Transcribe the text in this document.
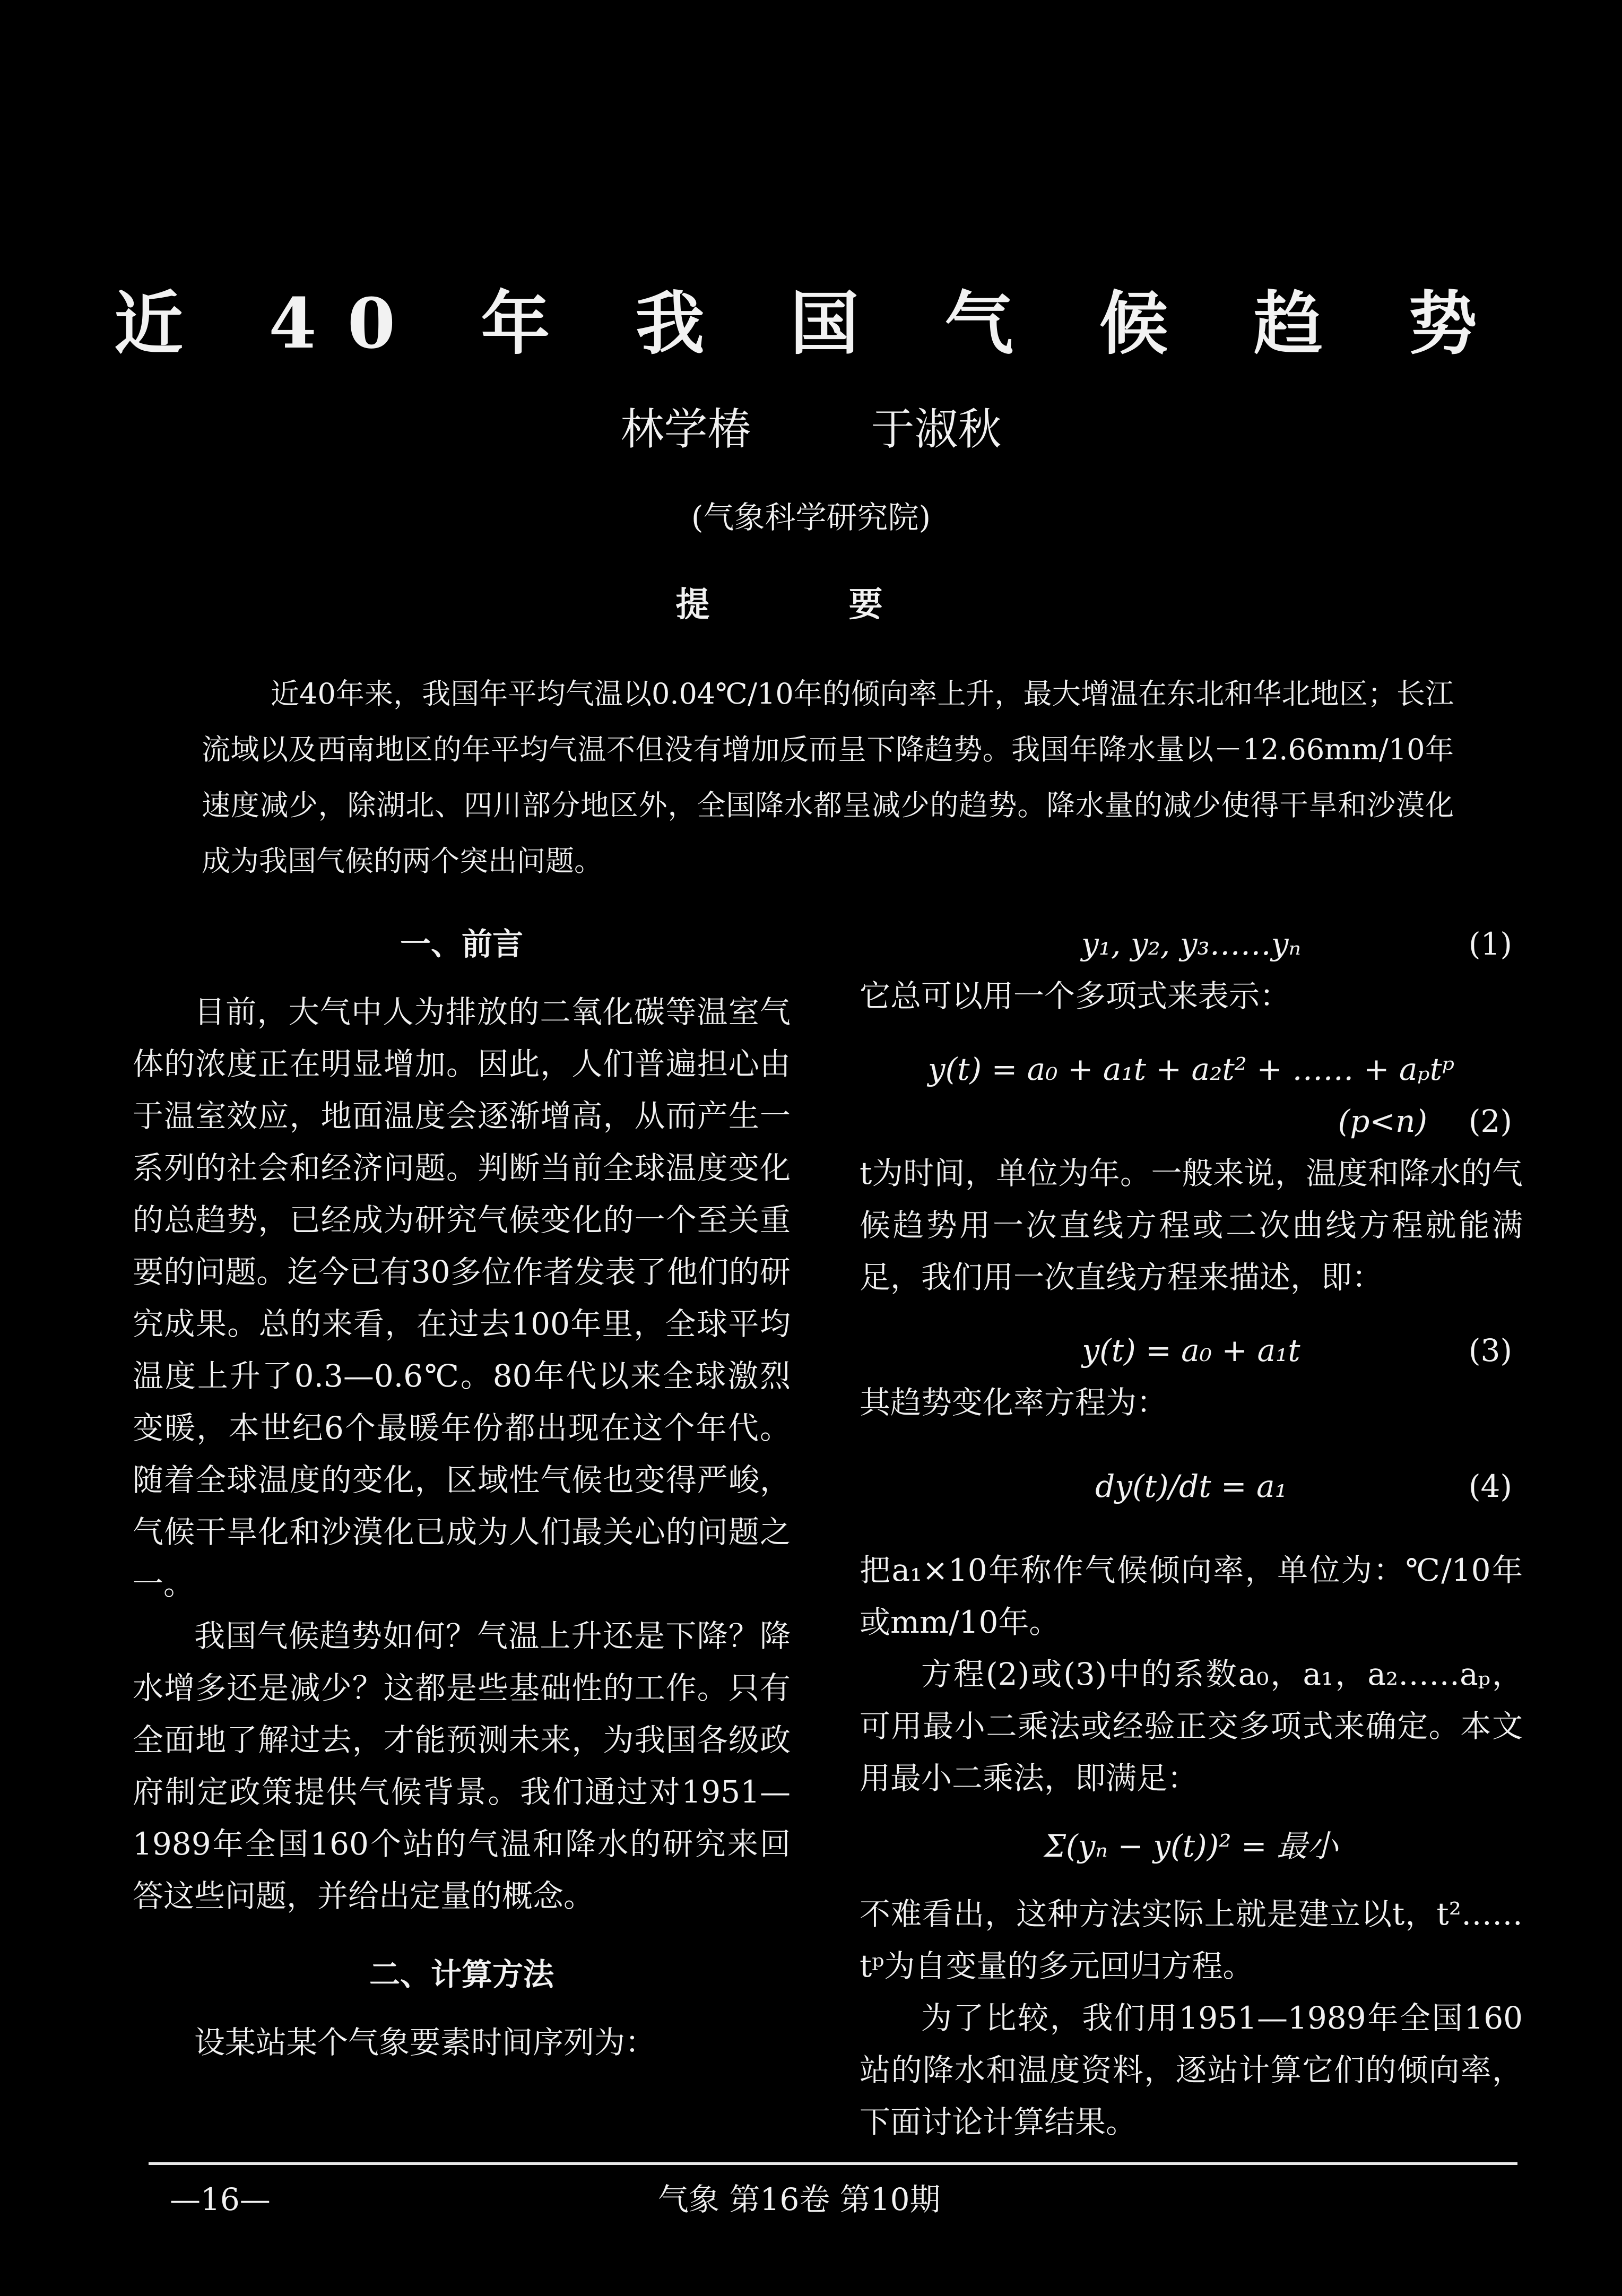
近 40 年 我 国 气 候 趋 势
林学椿	于淑秋
(气象科学研究院)
提 要

近40年来，我国年平均气温以0.04℃/10年的倾向率上升，最大增温在东北和华北地区；长江流域以及西南地区的年平均气温不但没有增加反而呈下降趋势。我国年降水量以－12.66mm/10年速度减少，除湖北、四川部分地区外，全国降水都呈减少的趋势。降水量的减少使得干旱和沙漠化成为我国气候的两个突出问题。

一、前言

目前，大气中人为排放的二氧化碳等温室气体的浓度正在明显增加。因此，人们普遍担心由于温室效应，地面温度会逐渐增高，从而产生一系列的社会和经济问题。判断当前全球温度变化的总趋势，已经成为研究气候变化的一个至关重要的问题。迄今已有30多位作者发表了他们的研究成果。总的来看，在过去100年里，全球平均温度上升了0.3—0.6℃。80年代以来全球激烈变暖，本世纪6个最暖年份都出现在这个年代。随着全球温度的变化，区域性气候也变得严峻，气候干旱化和沙漠化已成为人们最关心的问题之一。

我国气候趋势如何？气温上升还是下降？降水增多还是减少？这都是些基础性的工作。只有全面地了解过去，才能预测未来，为我国各级政府制定政策提供气候背景。我们通过对1951—1989年全国160个站的气温和降水的研究来回答这些问题，并给出定量的概念。

二、计算方法

设某站某个气象要素时间序列为：

y₁, y₂, y₃……yₙ	(1)

它总可以用一个多项式来表示：

y(t) = a₀ + a₁t + a₂t² + …… + aₚtᵖ

(p<n) (2)

t为时间，单位为年。一般来说，温度和降水的气候趋势用一次直线方程或二次曲线方程就能满足，我们用一次直线方程来描述，即：

y(t) = a₀ + a₁t	(3)

其趋势变化率方程为：

dy(t)/dt = a₁	(4)

把a₁×10年称作气候倾向率，单位为：℃/10年或mm/10年。

方程(2)或(3)中的系数a₀，a₁，a₂……aₚ，可用最小二乘法或经验正交多项式来确定。本文用最小二乘法，即满足：

Σ(yₙ − y(t))² = 最小

不难看出，这种方法实际上就是建立以t，t²……tᵖ为自变量的多元回归方程。

为了比较，我们用1951—1989年全国160站的降水和温度资料，逐站计算它们的倾向率，下面讨论计算结果。

—16—	气象 第16卷 第10期
